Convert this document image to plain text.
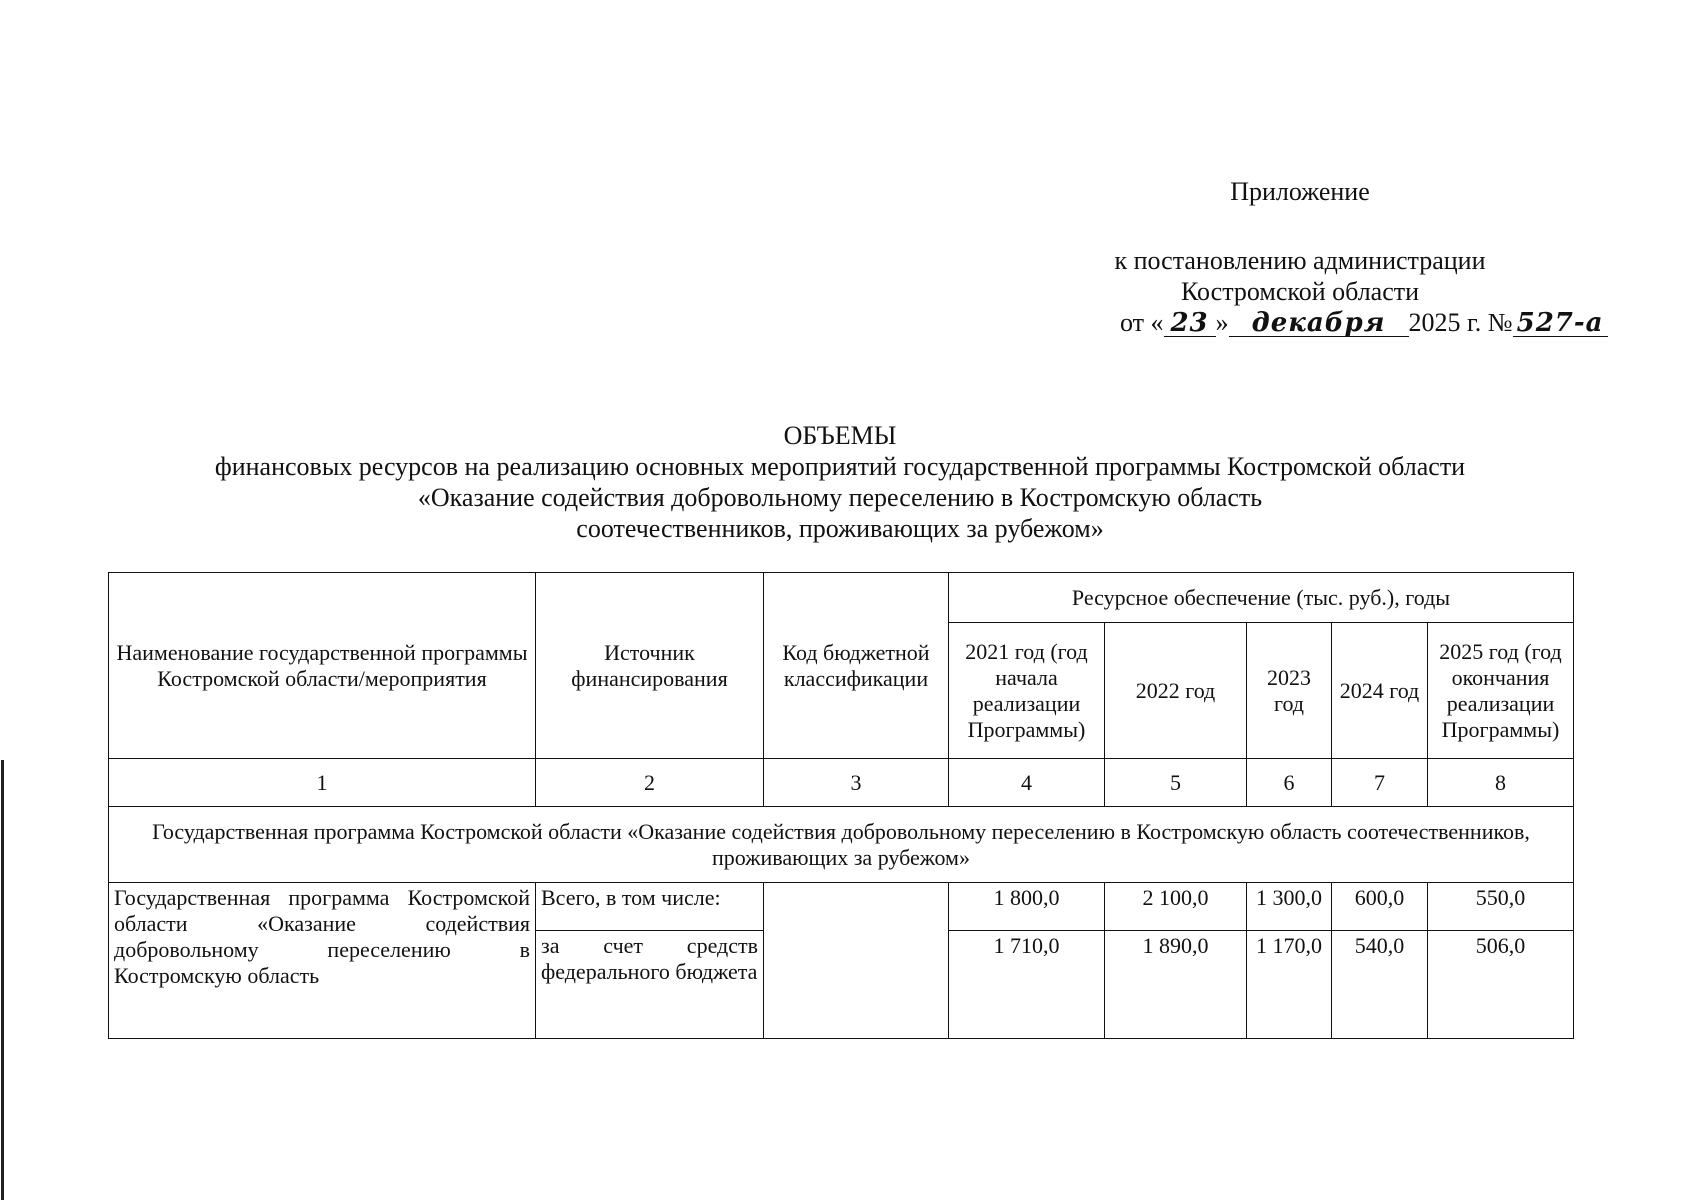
Приложение
к постановлению администрации
Костромской области
от « 23 » декабря 2025 г. № 527-а
ОБЪЕМЫ
финансовых ресурсов на реализацию основных мероприятий государственной программы Костромской области
«Оказание содействия добровольному переселению в Костромскую область
соотечественников, проживающих за рубежом»
Наименование государственной программы Костромской области/мероприятия	Источник финансирования	Код бюджетной классификации	Ресурсное обеспечение (тыс. руб.), годы				
			2021 год (год начала реализации Программы)	2022 год	2023 год	2024 год	2025 год (год окончания реализации Программы)
1	2	3	4	5	6	7	8
Государственная программа Костромской области «Оказание содействия добровольному переселению в Костромскую область соотечественников, проживающих за рубежом»							
Государственная программа Костромской области «Оказание содействия добровольному переселению в Костромскую область	Всего, в том числе:		1 800,0	2 100,0	1 300,0	600,0	550,0
	за счет средств федерального бюджета		1 710,0	1 890,0	1 170,0	540,0	506,0
